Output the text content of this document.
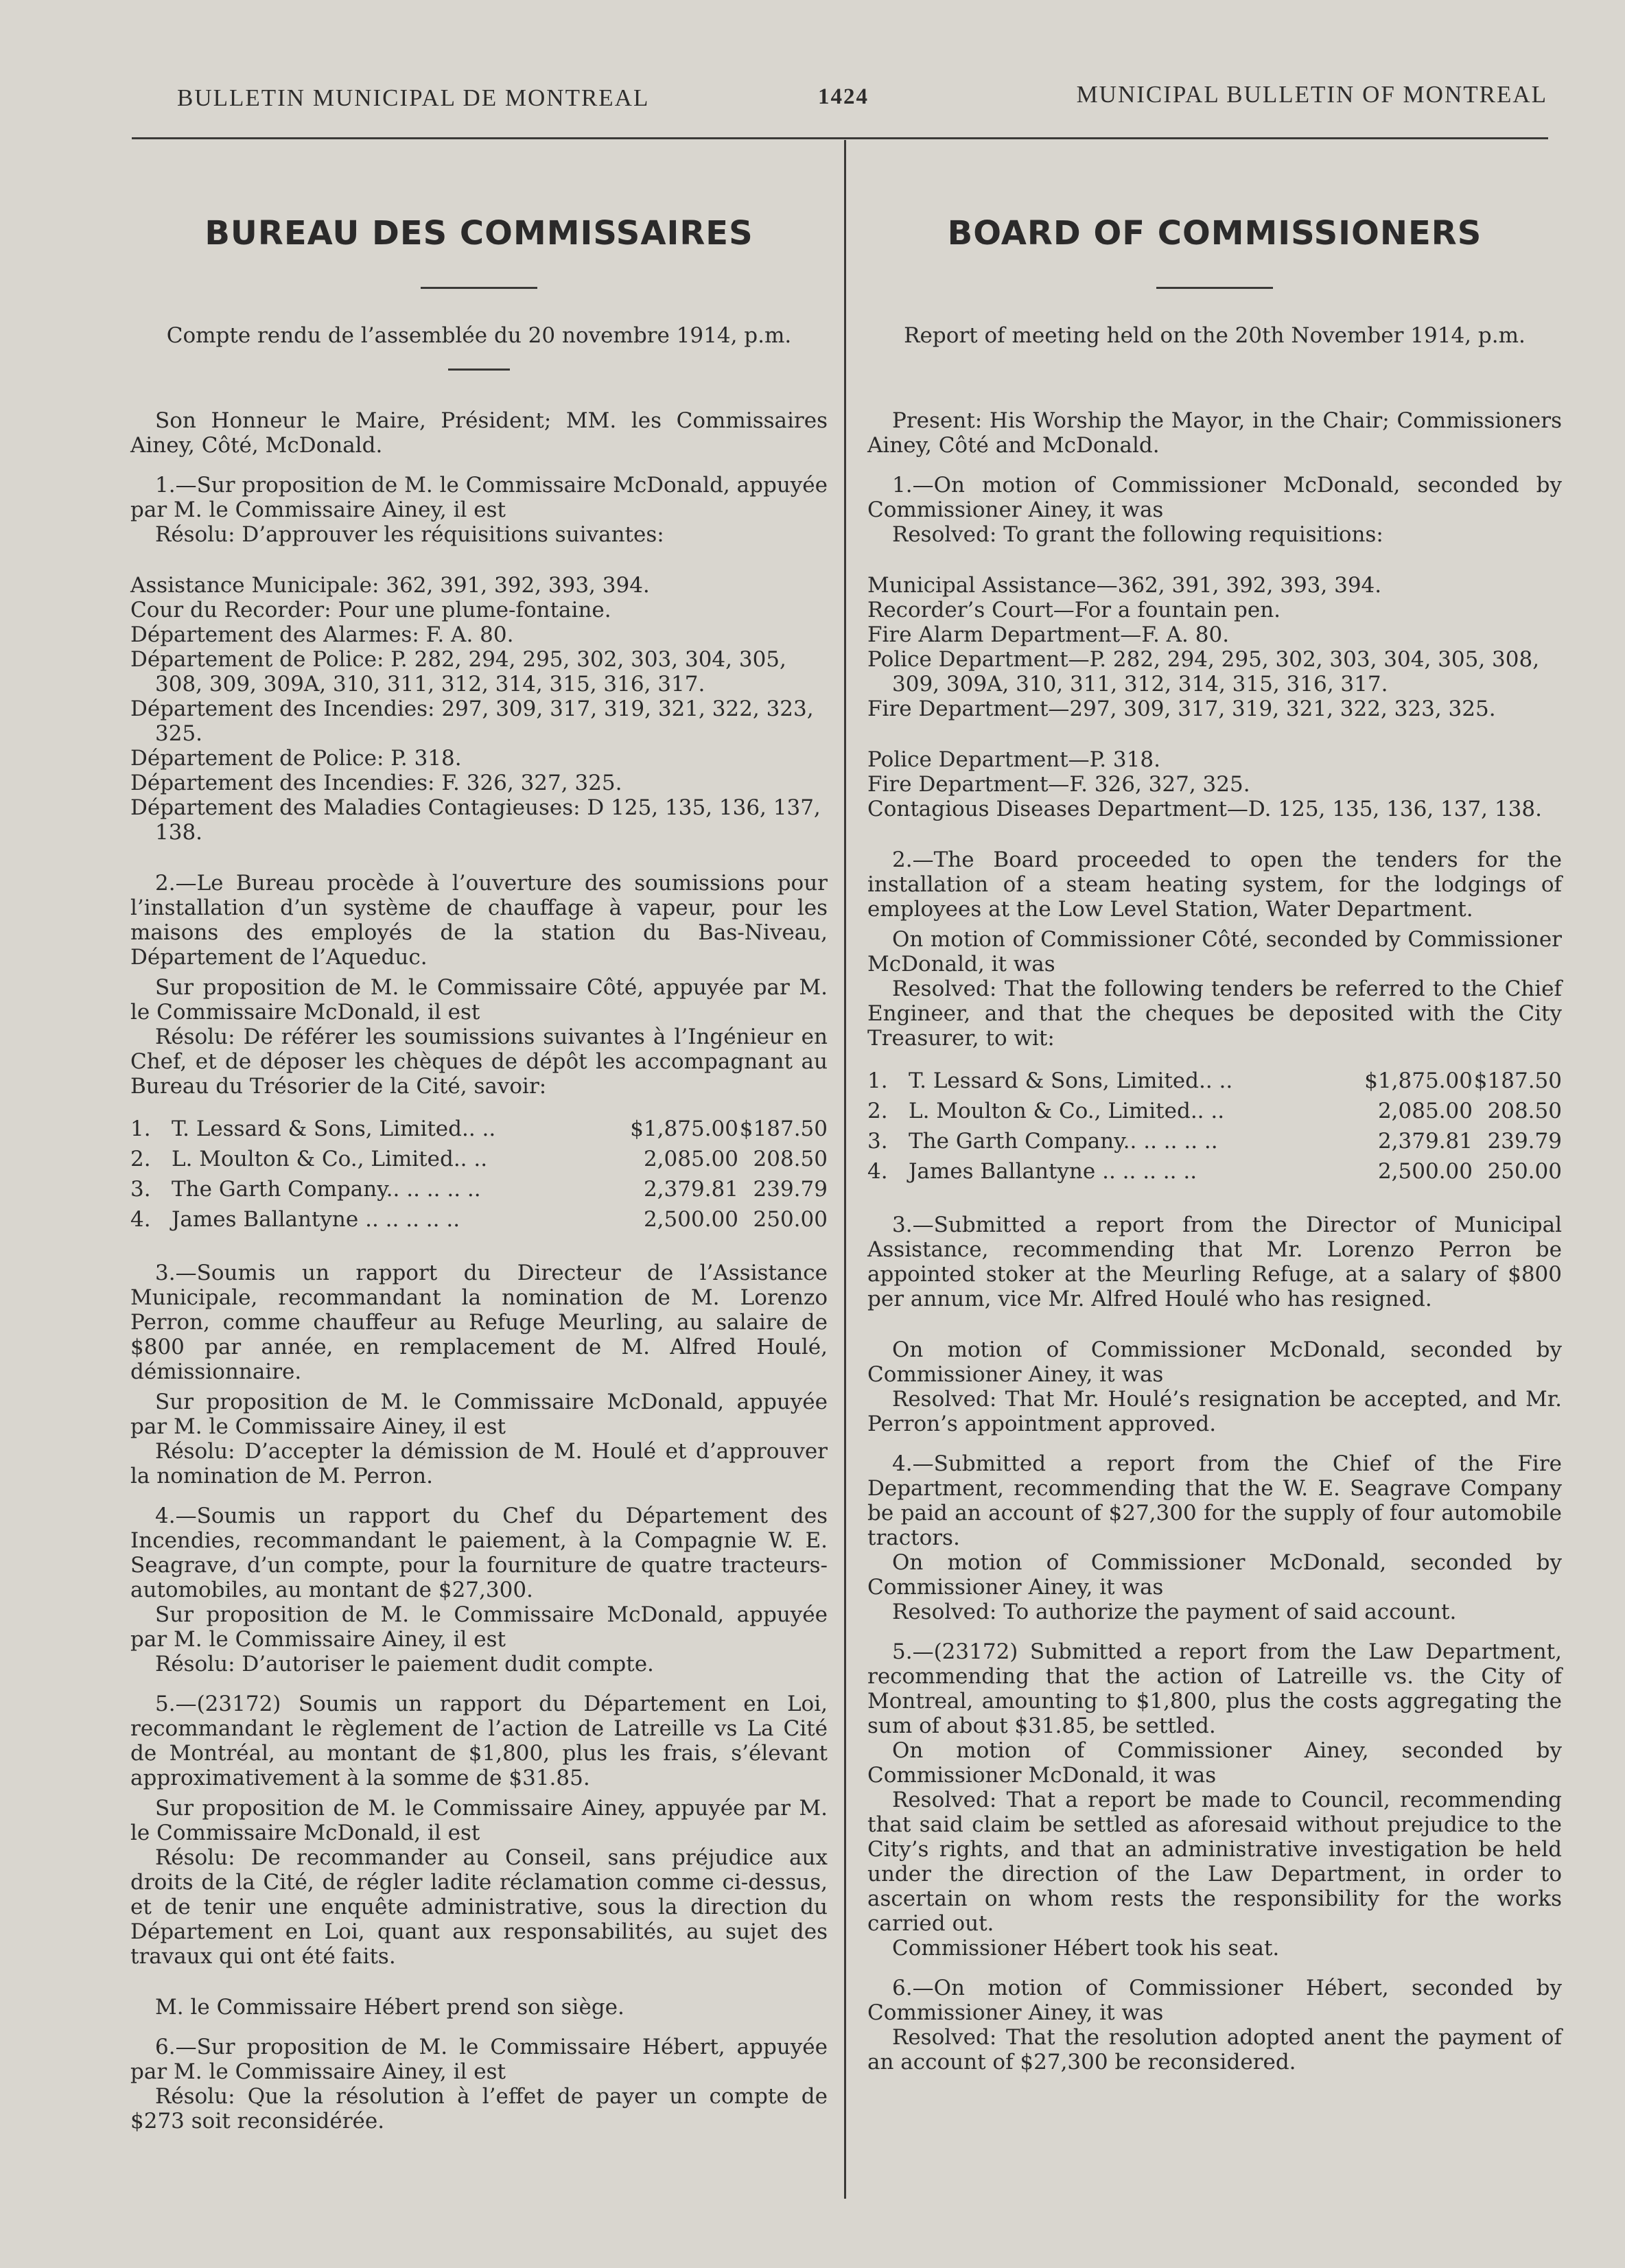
BULLETIN MUNICIPAL DE MONTREAL	1424	MUNICIPAL BULLETIN OF MONTREAL
BUREAU DES COMMISSAIRES

Compte rendu de l’assemblée du 20 novembre 1914, p.m.

Son Honneur le Maire, Président; MM. les Commissaires Ainey, Côté, McDonald.

1.—Sur proposition de M. le Commissaire McDonald, appuyée par M. le Commissaire Ainey, il est

Résolu: D’approuver les réquisitions suivantes:

Assistance Municipale: 362, 391, 392, 393, 394.

Cour du Recorder: Pour une plume-fontaine.

Département des Alarmes: F. A. 80.

Département de Police: P. 282, 294, 295, 302, 303, 304, 305, 308, 309, 309A, 310, 311, 312, 314, 315, 316, 317.

Département des Incendies: 297, 309, 317, 319, 321, 322, 323, 325.

Département de Police: P. 318.

Département des Incendies: F. 326, 327, 325.

Département des Maladies Contagieuses: D 125, 135, 136, 137, 138.

2.—Le Bureau procède à l’ouverture des soumissions pour l’installation d’un système de chauffage à vapeur, pour les maisons des employés de la station du Bas-Niveau, Département de l’Aqueduc.

Sur proposition de M. le Commissaire Côté, appuyée par M. le Commissaire McDonald, il est

Résolu: De référer les soumissions suivantes à l’Ingénieur en Chef, et de déposer les chèques de dépôt les accompagnant au Bureau du Trésorier de la Cité, savoir:

1.	T. Lessard & Sons, Limited.. ..	$1,875.00	$187.50
2.	L. Moulton & Co., Limited.. ..	2,085.00	208.50
3.	The Garth Company.. .. .. .. ..	2,379.81	239.79
4.	James Ballantyne .. .. .. .. ..	2,500.00	250.00

3.—Soumis un rapport du Directeur de l’Assistance Municipale, recommandant la nomination de M. Lorenzo Perron, comme chauffeur au Refuge Meurling, au salaire de $800 par année, en remplacement de M. Alfred Houlé, démissionnaire.

Sur proposition de M. le Commissaire McDonald, appuyée par M. le Commissaire Ainey, il est

Résolu: D’accepter la démission de M. Houlé et d’approuver la nomination de M. Perron.

4.—Soumis un rapport du Chef du Département des Incendies, recommandant le paiement, à la Compagnie W. E. Seagrave, d’un compte, pour la fourniture de quatre tracteurs-automobiles, au montant de $27,300.

Sur proposition de M. le Commissaire McDonald, appuyée par M. le Commissaire Ainey, il est

Résolu: D’autoriser le paiement dudit compte.

5.—(23172) Soumis un rapport du Département en Loi, recommandant le règlement de l’action de Latreille vs La Cité de Montréal, au montant de $1,800, plus les frais, s’élevant approximativement à la somme de $31.85.

Sur proposition de M. le Commissaire Ainey, appuyée par M. le Commissaire McDonald, il est

Résolu: De recommander au Conseil, sans préjudice aux droits de la Cité, de régler ladite réclamation comme ci-dessus, et de tenir une enquête administrative, sous la direction du Département en Loi, quant aux responsabilités, au sujet des travaux qui ont été faits.

M. le Commissaire Hébert prend son siège.

6.—Sur proposition de M. le Commissaire Hébert, appuyée par M. le Commissaire Ainey, il est

Résolu: Que la résolution à l’effet de payer un compte de $273 soit reconsidérée.

BOARD OF COMMISSIONERS

Report of meeting held on the 20th November 1914, p.m.

Present: His Worship the Mayor, in the Chair; Commissioners Ainey, Côté and McDonald.

1.—On motion of Commissioner McDonald, seconded by Commissioner Ainey, it was

Resolved: To grant the following requisitions:

Municipal Assistance—362, 391, 392, 393, 394.

Recorder’s Court—For a fountain pen.

Fire Alarm Department—F. A. 80.

Police Department—P. 282, 294, 295, 302, 303, 304, 305, 308, 309, 309A, 310, 311, 312, 314, 315, 316, 317.

Fire Department—297, 309, 317, 319, 321, 322, 323, 325.

Police Department—P. 318.

Fire Department—F. 326, 327, 325.

Contagious Diseases Department—D. 125, 135, 136, 137, 138.

2.—The Board proceeded to open the tenders for the installation of a steam heating system, for the lodgings of employees at the Low Level Station, Water Department.

On motion of Commissioner Côté, seconded by Commissioner McDonald, it was

Resolved: That the following tenders be referred to the Chief Engineer, and that the cheques be deposited with the City Treasurer, to wit:

1.	T. Lessard & Sons, Limited.. ..	$1,875.00	$187.50
2.	L. Moulton & Co., Limited.. ..	2,085.00	208.50
3.	The Garth Company.. .. .. .. ..	2,379.81	239.79
4.	James Ballantyne .. .. .. .. ..	2,500.00	250.00

3.—Submitted a report from the Director of Municipal Assistance, recommending that Mr. Lorenzo Perron be appointed stoker at the Meurling Refuge, at a salary of $800 per annum, vice Mr. Alfred Houlé who has resigned.

On motion of Commissioner McDonald, seconded by Commissioner Ainey, it was

Resolved: That Mr. Houlé’s resignation be accepted, and Mr. Perron’s appointment approved.

4.—Submitted a report from the Chief of the Fire Department, recommending that the W. E. Seagrave Company be paid an account of $27,300 for the supply of four automobile tractors.

On motion of Commissioner McDonald, seconded by Commissioner Ainey, it was

Resolved: To authorize the payment of said account.

5.—(23172) Submitted a report from the Law Department, recommending that the action of Latreille vs. the City of Montreal, amounting to $1,800, plus the costs aggregating the sum of about $31.85, be settled.

On motion of Commissioner Ainey, seconded by Commissioner McDonald, it was

Resolved: That a report be made to Council, recommending that said claim be settled as aforesaid without prejudice to the City’s rights, and that an administrative investigation be held under the direction of the Law Department, in order to ascertain on whom rests the responsibility for the works carried out.

Commissioner Hébert took his seat.

6.—On motion of Commissioner Hébert, seconded by Commissioner Ainey, it was

Resolved: That the resolution adopted anent the payment of an account of $27,300 be reconsidered.
